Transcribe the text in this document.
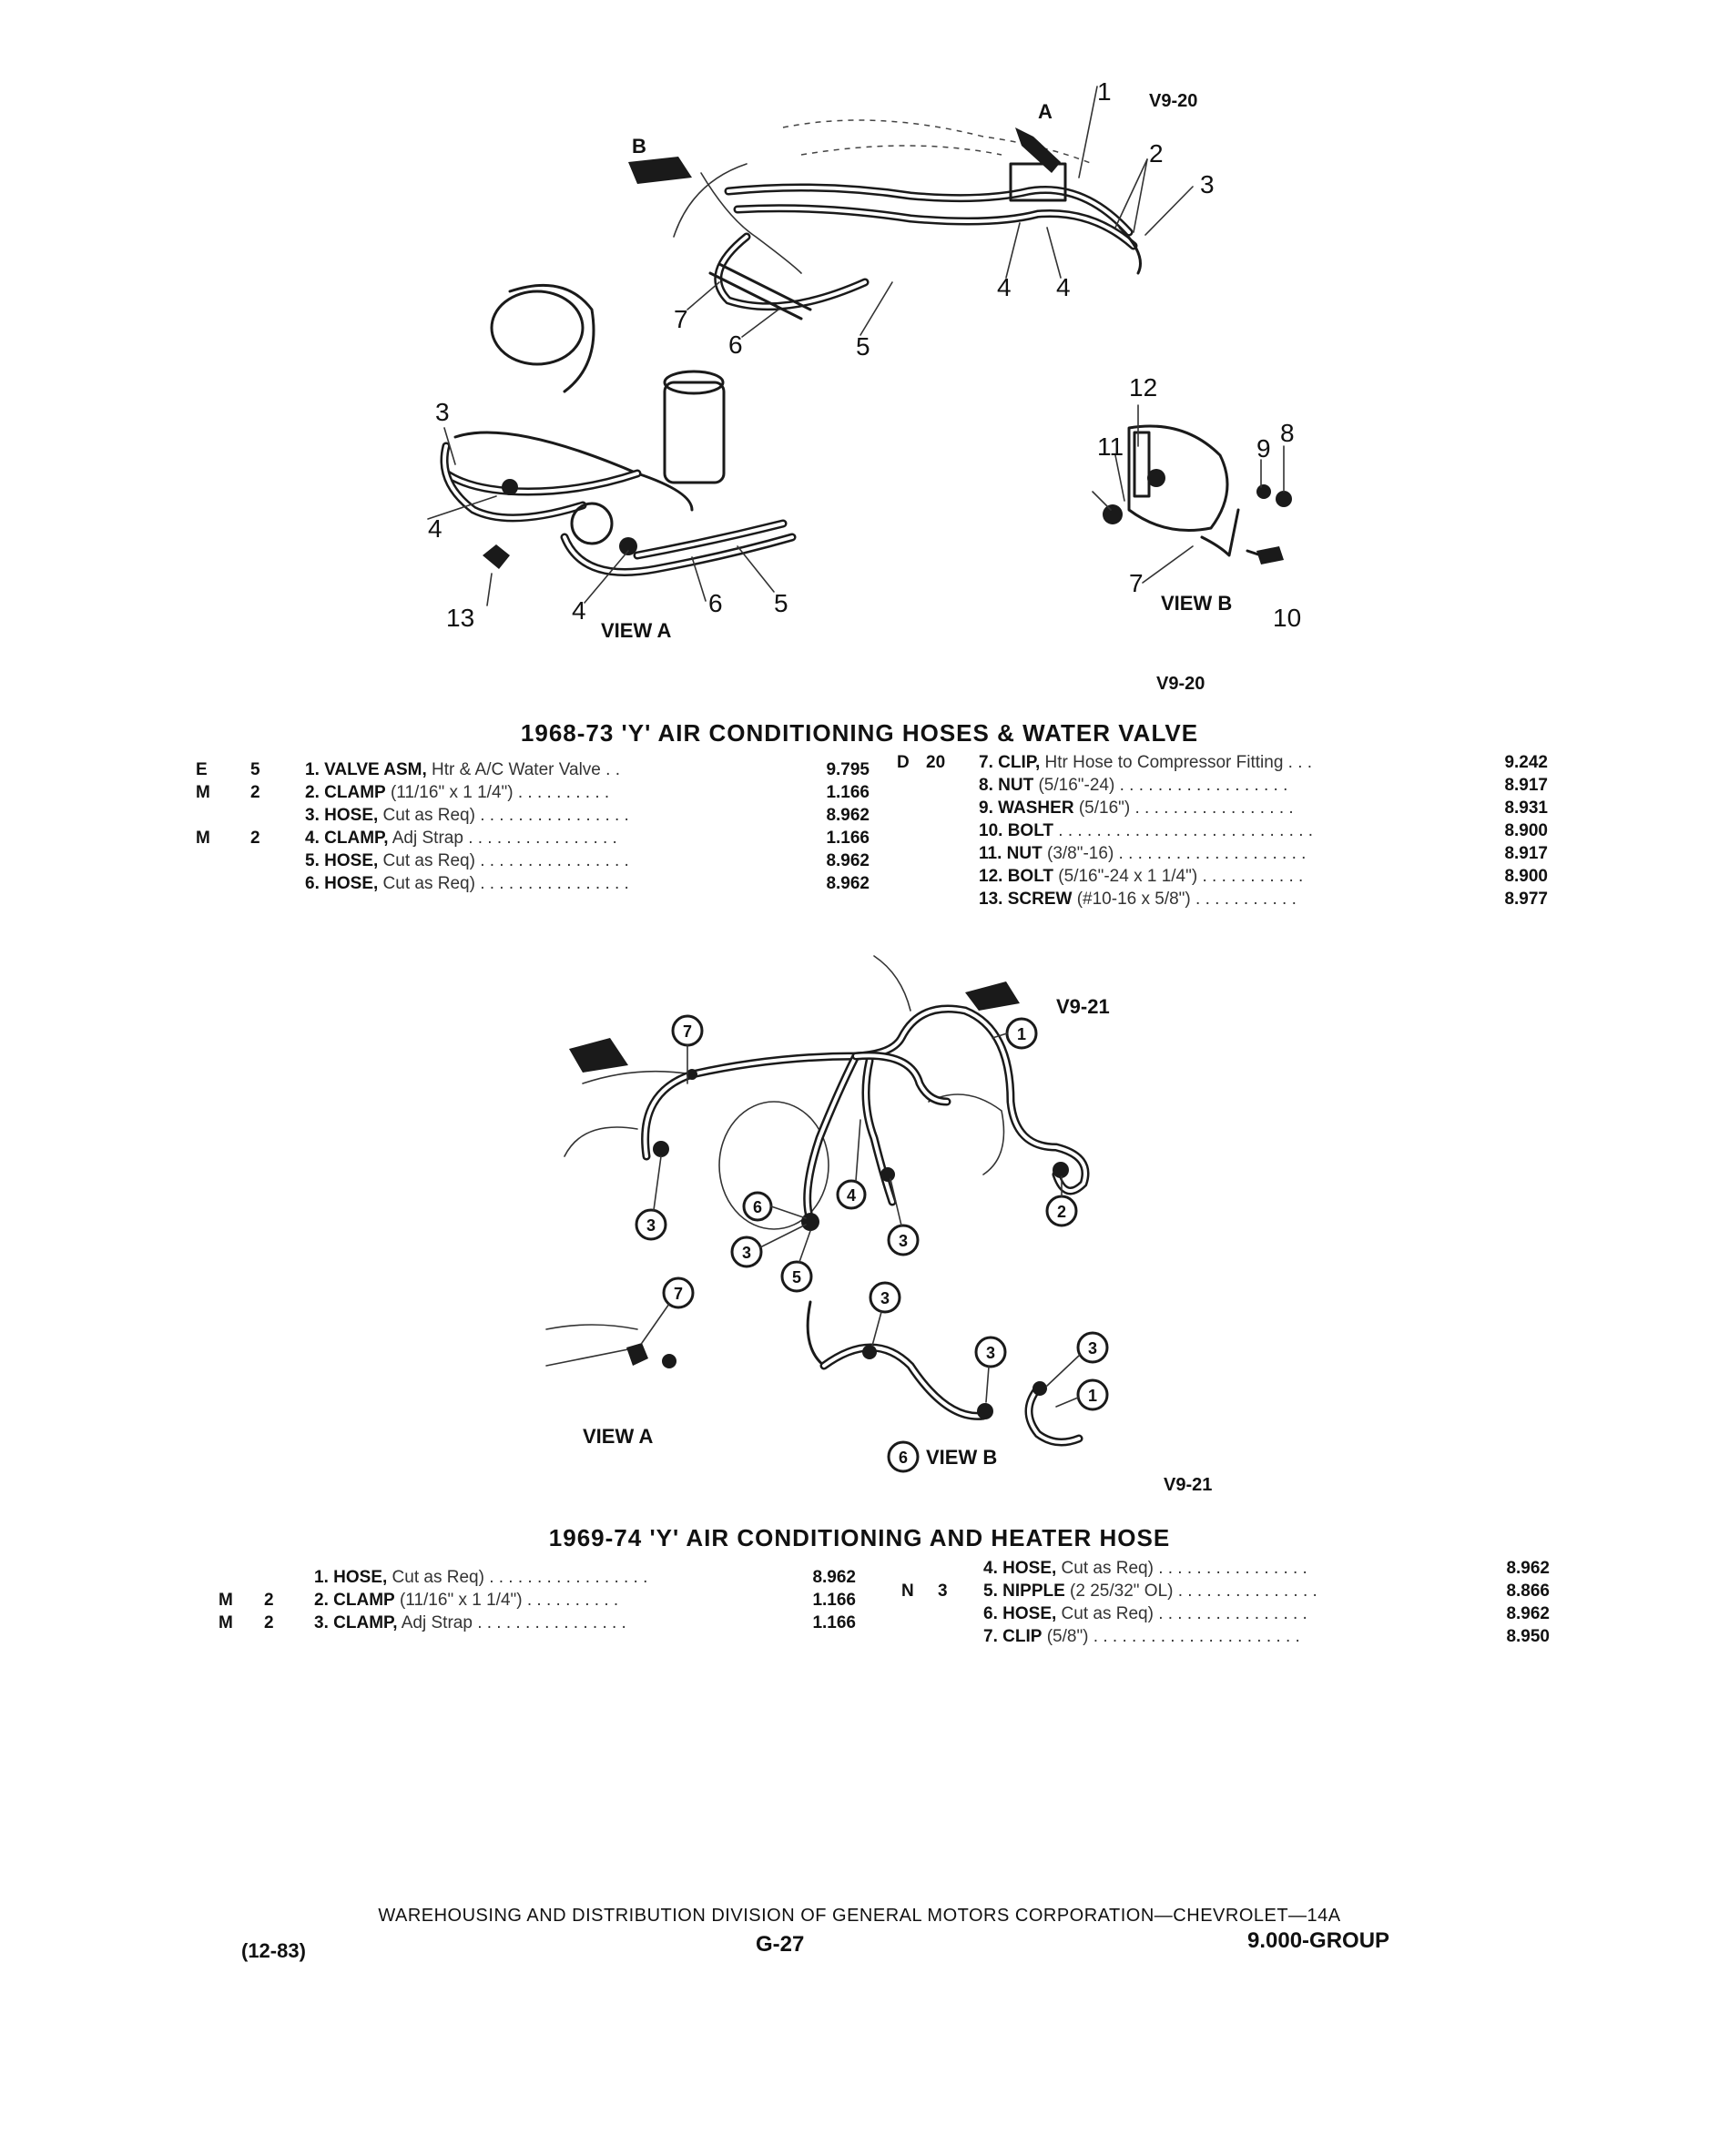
1
2
3
4 4
5
6
7
3
4
13	4	6 5
12
11	9
8
7
10
A
B
VIEW A
VIEW B
V9-20
V9-20
1968-73 'Y' AIR CONDITIONING HOSES & WATER VALVE
E	5	1. VALVE ASM, Htr & A/C Water Valve . .	9.795
M	2	2. CLAMP (11/16" x 1 1/4") . . . . . . . . . .	1.166
3. HOSE, Cut as Req) . . . . . . . . . . . . . . . .	8.962
M	2	4. CLAMP, Adj Strap . . . . . . . . . . . . . . . .	1.166
5. HOSE, Cut as Req) . . . . . . . . . . . . . . . .	8.962
6. HOSE, Cut as Req) . . . . . . . . . . . . . . . .	8.962
D 20	7. CLIP, Htr Hose to Compressor Fitting . . .	9.242
8. NUT (5/16"-24) . . . . . . . . . . . . . . . . . .	8.917
9. WASHER (5/16") . . . . . . . . . . . . . . . . .	8.931
10. BOLT . . . . . . . . . . . . . . . . . . . . . . . . . . .	8.900
11. NUT (3/8"-16) . . . . . . . . . . . . . . . . . . . .	8.917
12. BOLT (5/16"-24 x 1 1/4") . . . . . . . . . . .	8.900
13. SCREW (#10-16 x 5/8") . . . . . . . . . . .	8.977
7	1
3
2
6
4
3
3
5
7
VIEW A
3
3	3
1
6 VIEW B
V9-21
V9-21
1969-74 'Y' AIR CONDITIONING AND HEATER HOSE
1. HOSE, Cut as Req) . . . . . . . . . . . . . . . . .	8.962
M	2	2. CLAMP (11/16" x 1 1/4") . . . . . . . . . .	1.166
M	2	3. CLAMP, Adj Strap . . . . . . . . . . . . . . . .	1.166
4. HOSE, Cut as Req) . . . . . . . . . . . . . . . .	8.962
N	3	5. NIPPLE (2 25/32" OL) . . . . . . . . . . . . . . .	8.866
6. HOSE, Cut as Req) . . . . . . . . . . . . . . . .	8.962
7. CLIP (5/8") . . . . . . . . . . . . . . . . . . . . . .	8.950
WAREHOUSING AND DISTRIBUTION DIVISION OF GENERAL MOTORS CORPORATION—CHEVROLET—14A
(12-83)	G-27	9.000-GROUP
